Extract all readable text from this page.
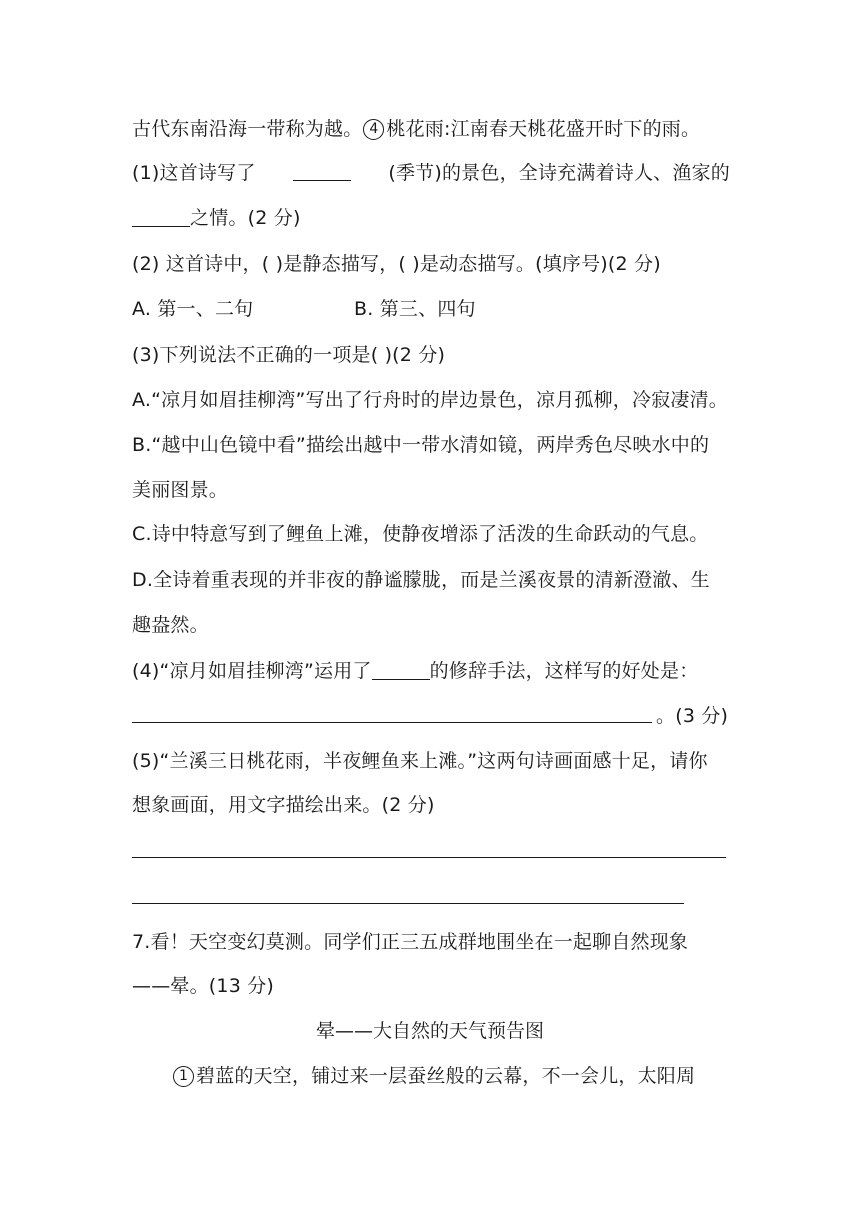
古代东南沿海一带称为越。 4 桃花雨:江南春天桃花盛开时下的雨。
(1)这首诗写了	(季节)的景色，全诗充满着诗人、渔家的
之情。(2 分)
(2) 这首诗中，( )是静态描写，( )是动态描写。(填序号)(2 分)
A. 第一、二句	B. 第三、四句
(3)下列说法不正确的一项是( )(2 分)
A.“凉月如眉挂柳湾”写出了行舟时的岸边景色，凉月孤柳，冷寂凄清。
B.“越中山色镜中看”描绘出越中一带水清如镜，两岸秀色尽映水中的
美丽图景。
C.诗中特意写到了鲤鱼上滩，使静夜增添了活泼的生命跃动的气息。
D.全诗着重表现的并非夜的静谧朦胧，而是兰溪夜景的清新澄澈、生
趣盎然。
(4)“凉月如眉挂柳湾”运用了	的修辞手法，这样写的好处是：
。(3 分)
(5)“兰溪三日桃花雨，半夜鲤鱼来上滩。”这两句诗画面感十足，请你
想象画面，用文字描绘出来。(2 分)
7.看！天空变幻莫测。同学们正三五成群地围坐在一起聊自然现象
——晕。(13 分)
晕——大自然的天气预告图
1 碧蓝的天空，铺过来一层蚕丝般的云幕，不一会儿，太阳周
